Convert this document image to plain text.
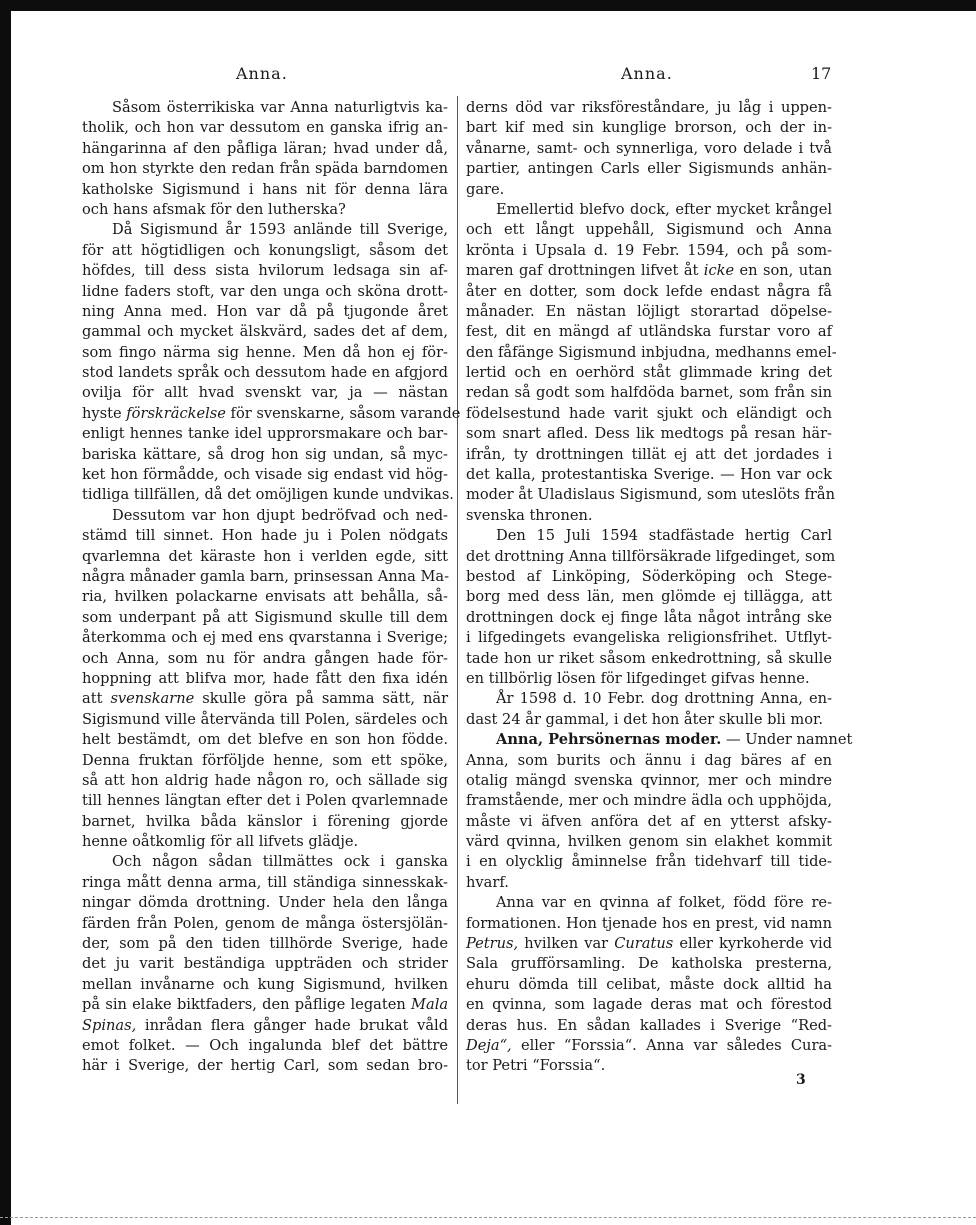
Anna.	Anna.	17
Såsom österrikiska var Anna naturligtvis ka-
tholik, och hon var dessutom en ganska ifrig an-
hängarinna af den påfliga läran; hvad under då,
om hon styrkte den redan från späda barndomen
katholske Sigismund i hans nit för denna lära
och hans afsmak för den lutherska?
Då Sigismund år 1593 anlände till Sverige,
för att högtidligen och konungsligt, såsom det
höfdes, till dess sista hvilorum ledsaga sin af-
lidne faders stoft, var den unga och sköna drott-
ning Anna med. Hon var då på tjugonde året
gammal och mycket älskvärd, sades det af dem,
som fingo närma sig henne. Men då hon ej för-
stod landets språk och dessutom hade en afgjord
ovilja för allt hvad svenskt var, ja — nästan
hyste förskräckelse för svenskarne, såsom varande
enligt hennes tanke idel upprorsmakare och bar-
bariska kättare, så drog hon sig undan, så myc-
ket hon förmådde, och visade sig endast vid hög-
tidliga tillfällen, då det omöjligen kunde undvikas.
Dessutom var hon djupt bedröfvad och ned-
stämd till sinnet. Hon hade ju i Polen nödgats
qvarlemna det käraste hon i verlden egde, sitt
några månader gamla barn, prinsessan Anna Ma-
ria, hvilken polackarne envisats att behålla, så-
som underpant på att Sigismund skulle till dem
återkomma och ej med ens qvarstanna i Sverige;
och Anna, som nu för andra gången hade för-
hoppning att blifva mor, hade fått den fixa idén
att svenskarne skulle göra på samma sätt, när
Sigismund ville återvända till Polen, särdeles och
helt bestämdt, om det blefve en son hon födde.
Denna fruktan förföljde henne, som ett spöke,
så att hon aldrig hade någon ro, och sällade sig
till hennes längtan efter det i Polen qvarlemnade
barnet, hvilka båda känslor i förening gjorde
henne oåtkomlig för all lifvets glädje.
Och någon sådan tillmättes ock i ganska
ringa mått denna arma, till ständiga sinnesskak-
ningar dömda drottning. Under hela den långa
färden från Polen, genom de många östersjölän-
der, som på den tiden tillhörde Sverige, hade
det ju varit beständiga uppträden och strider
mellan invånarne och kung Sigismund, hvilken
på sin elake biktfaders, den påflige legaten Mala
Spinas, inrådan flera gånger hade brukat våld
emot folket. — Och ingalunda blef det bättre
här i Sverige, der hertig Carl, som sedan bro-
derns död var riksföreståndare, ju låg i uppen-
bart kif med sin kunglige brorson, och der in-
vånarne, samt- och synnerliga, voro delade i två
partier, antingen Carls eller Sigismunds anhän-
gare.
Emellertid blefvo dock, efter mycket krångel
och ett långt uppehåll, Sigismund och Anna
krönta i Upsala d. 19 Febr. 1594, och på som-
maren gaf drottningen lifvet åt icke en son, utan
åter en dotter, som dock lefde endast några få
månader. En nästan löjligt storartad döpelse-
fest, dit en mängd af utländska furstar voro af
den fåfänge Sigismund inbjudna, medhanns emel-
lertid och en oerhörd ståt glimmade kring det
redan så godt som halfdöda barnet, som från sin
födelsestund hade varit sjukt och eländigt och
som snart afled. Dess lik medtogs på resan här-
ifrån, ty drottningen tillät ej att det jordades i
det kalla, protestantiska Sverige. — Hon var ock
moder åt Uladislaus Sigismund, som uteslöts från
svenska thronen.
Den 15 Juli 1594 stadfästade hertig Carl
det drottning Anna tillförsäkrade lifgedinget, som
bestod af Linköping, Söderköping och Stege-
borg med dess län, men glömde ej tillägga, att
drottningen dock ej finge låta något intrång ske
i lifgedingets evangeliska religionsfrihet. Utflyt-
tade hon ur riket såsom enkedrottning, så skulle
en tillbörlig lösen för lifgedinget gifvas henne.
År 1598 d. 10 Febr. dog drottning Anna, en-
dast 24 år gammal, i det hon åter skulle bli mor.
Anna, Pehrsönernas moder. — Under namnet
Anna, som burits och ännu i dag bäres af en
otalig mängd svenska qvinnor, mer och mindre
framstående, mer och mindre ädla och upphöjda,
måste vi äfven anföra det af en ytterst afsky-
värd qvinna, hvilken genom sin elakhet kommit
i en olycklig åminnelse från tidehvarf till tide-
hvarf.
Anna var en qvinna af folket, född före re-
formationen. Hon tjenade hos en prest, vid namn
Petrus, hvilken var Curatus eller kyrkoherde vid
Sala grufförsamling. De katholska presterna,
ehuru dömda till celibat, måste dock alltid ha
en qvinna, som lagade deras mat och förestod
deras hus. En sådan kallades i Sverige “Red-
Deja“, eller “Forssia“. Anna var således Cura-
tor Petri “Forssia“.
3
